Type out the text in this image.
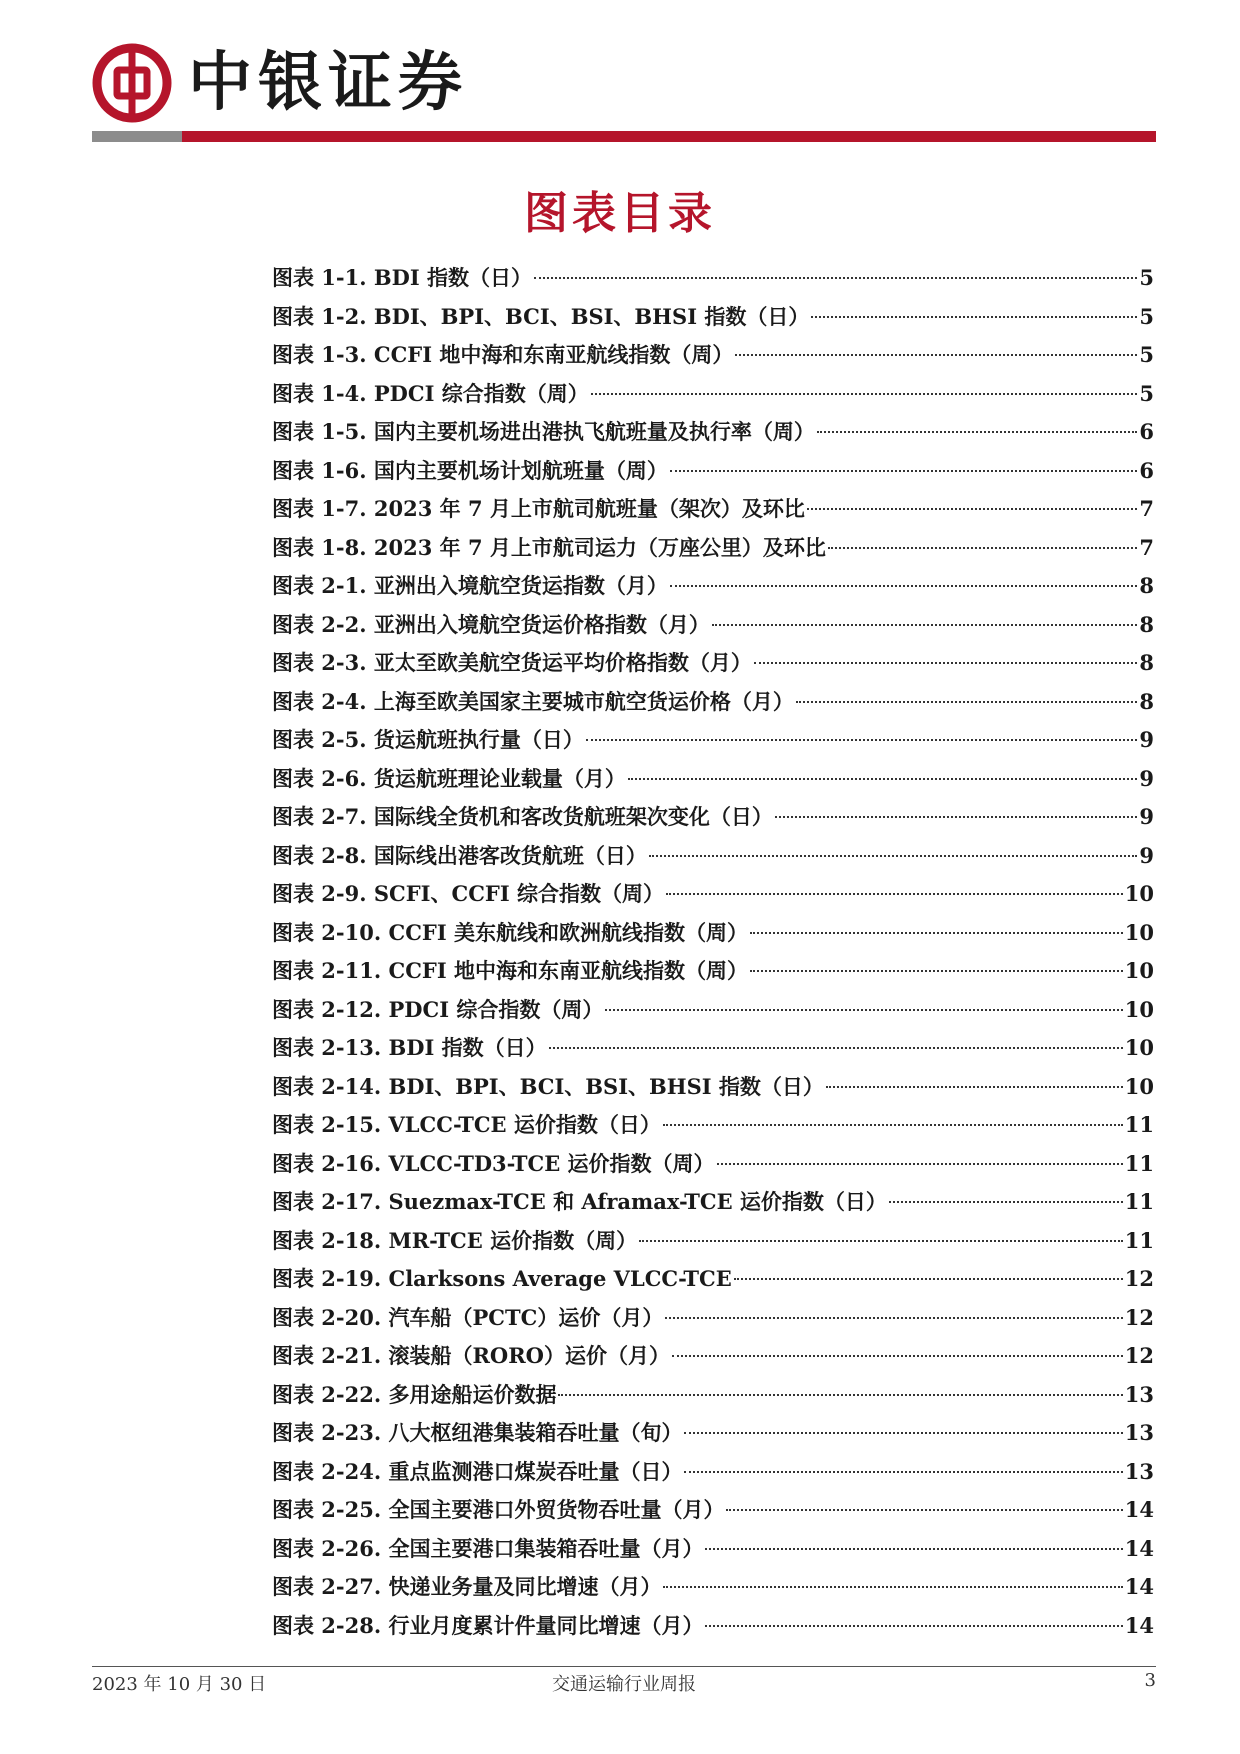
中银证券
图表目录
图表 1-1. BDI 指数（日）	5
图表 1-2. BDI、BPI、BCI、BSI、BHSI 指数（日）	5
图表 1-3. CCFI 地中海和东南亚航线指数（周）	5
图表 1-4. PDCI 综合指数（周）	5
图表 1-5. 国内主要机场进出港执飞航班量及执行率（周）	6
图表 1-6. 国内主要机场计划航班量（周）	6
图表 1-7. 2023 年 7 月上市航司航班量（架次）及环比	7
图表 1-8. 2023 年 7 月上市航司运力（万座公里）及环比	7
图表 2-1. 亚洲出入境航空货运指数（月）	8
图表 2-2. 亚洲出入境航空货运价格指数（月）	8
图表 2-3. 亚太至欧美航空货运平均价格指数（月）	8
图表 2-4. 上海至欧美国家主要城市航空货运价格（月）	8
图表 2-5. 货运航班执行量（日）	9
图表 2-6. 货运航班理论业载量（月）	9
图表 2-7. 国际线全货机和客改货航班架次变化（日）	9
图表 2-8. 国际线出港客改货航班（日）	9
图表 2-9. SCFI、CCFI 综合指数（周）	10
图表 2-10. CCFI 美东航线和欧洲航线指数（周）	10
图表 2-11. CCFI 地中海和东南亚航线指数（周）	10
图表 2-12. PDCI 综合指数（周）	10
图表 2-13. BDI 指数（日）	10
图表 2-14. BDI、BPI、BCI、BSI、BHSI 指数（日）	10
图表 2-15. VLCC-TCE 运价指数（日）	11
图表 2-16. VLCC-TD3-TCE 运价指数（周）	11
图表 2-17. Suezmax-TCE 和 Aframax-TCE 运价指数（日）	11
图表 2-18. MR-TCE 运价指数（周）	11
图表 2-19. Clarksons Average VLCC-TCE	12
图表 2-20. 汽车船（PCTC）运价（月）	12
图表 2-21. 滚装船（RORO）运价（月）	12
图表 2-22. 多用途船运价数据	13
图表 2-23. 八大枢纽港集装箱吞吐量（旬）	13
图表 2-24. 重点监测港口煤炭吞吐量（日）	13
图表 2-25. 全国主要港口外贸货物吞吐量（月）	14
图表 2-26. 全国主要港口集装箱吞吐量（月）	14
图表 2-27. 快递业务量及同比增速（月）	14
图表 2-28. 行业月度累计件量同比增速（月）	14
2023 年 10 月 30 日	交通运输行业周报	3
